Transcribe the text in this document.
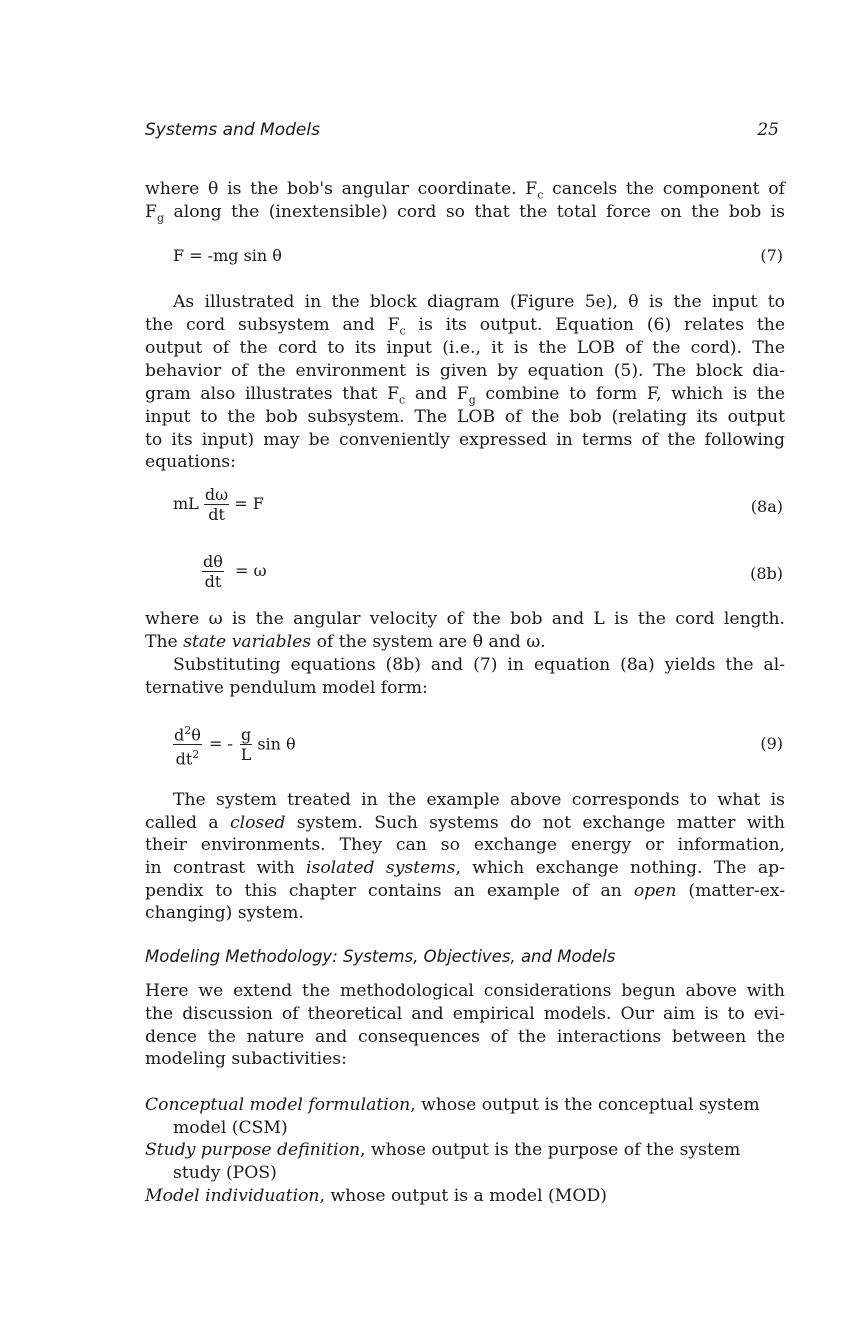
Systems and Models	25
where θ is the bob's angular coordinate. $F_c$ cancels the component of
$F_g$ along the (inextensible) cord so that the total force on the bob is
F = -mg sin θ	(7)
As illustrated in the block diagram (Figure 5e), θ is the input to
the cord subsystem and $F_c$ is its output. Equation (6) relates the
output of the cord to its input (i.e., it is the LOB of the cord). The
behavior of the environment is given by equation (5). The block dia-
gram also illustrates that $F_c$ and $F_g$ combine to form F, which is the
input to the bob subsystem. The LOB of the bob (relating its output
to its input) may be conveniently expressed in terms of the following
equations:
mL $\frac{d\omega}{dt} = F$	(8a)
$\frac{d\theta}{dt} = \omega$	(8b)
where ω is the angular velocity of the bob and L is the cord length.
The state variables of the system are θ and ω.
Substituting equations (8b) and (7) in equation (8a) yields the al-
ternative pendulum model form:
$\frac{d^2\theta}{dt^2}$ = - $\frac{g}{L}$ sin θ	(9)
The system treated in the example above corresponds to what is
called a closed system. Such systems do not exchange matter with
their environments. They can so exchange energy or information,
in contrast with isolated systems, which exchange nothing. The ap-
pendix to this chapter contains an example of an open (matter-ex-
changing) system.
Modeling Methodology: Systems, Objectives, and Models
Here we extend the methodological considerations begun above with
the discussion of theoretical and empirical models. Our aim is to evi-
dence the nature and consequences of the interactions between the
modeling subactivities:
Conceptual model formulation, whose output is the conceptual system
model (CSM)
Study purpose definition, whose output is the purpose of the system
study (POS)
Model individuation, whose output is a model (MOD)
